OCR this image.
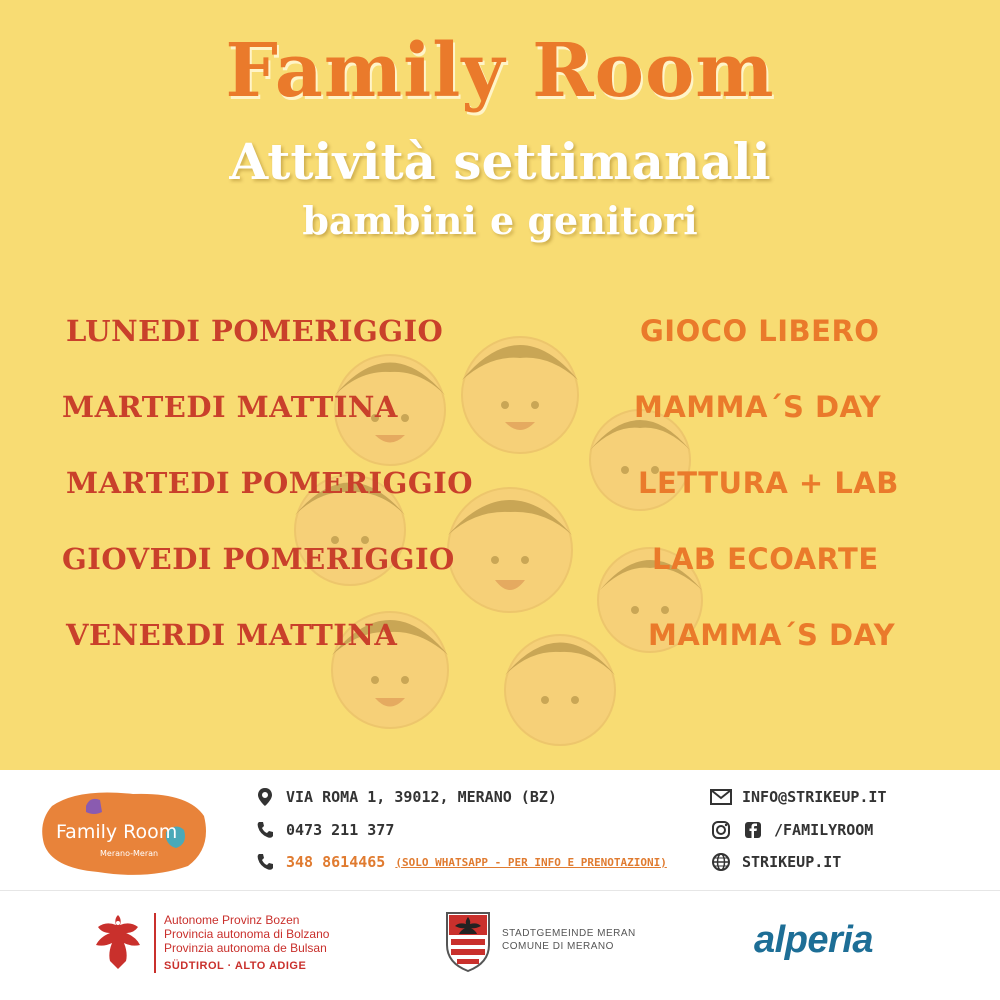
Family Room
Attività settimanali
bambini e genitori
LUNEDI POMERIGGIO	GIOCO LIBERO
MARTEDI MATTINA	MAMMA´S DAY
MARTEDI POMERIGGIO	LETTURA + LAB
GIOVEDI POMERIGGIO	LAB ECOARTE
VENERDI MATTINA	MAMMA´S DAY
Family Room
Merano-Meran
VIA ROMA 1, 39012, MERANO (BZ)
0473 211 377
348 8614465 (SOLO WHATSAPP - PER INFO E PRENOTAZIONI)
INFO@STRIKEUP.IT
/FAMILYROOM
STRIKEUP.IT
Autonome Provinz Bozen
Provincia autonoma di Bolzano
Provinzia autonoma de Bulsan
SÜDTIROL · ALTO ADIGE
STADTGEMEINDE MERAN
COMUNE DI MERANO	alperia
